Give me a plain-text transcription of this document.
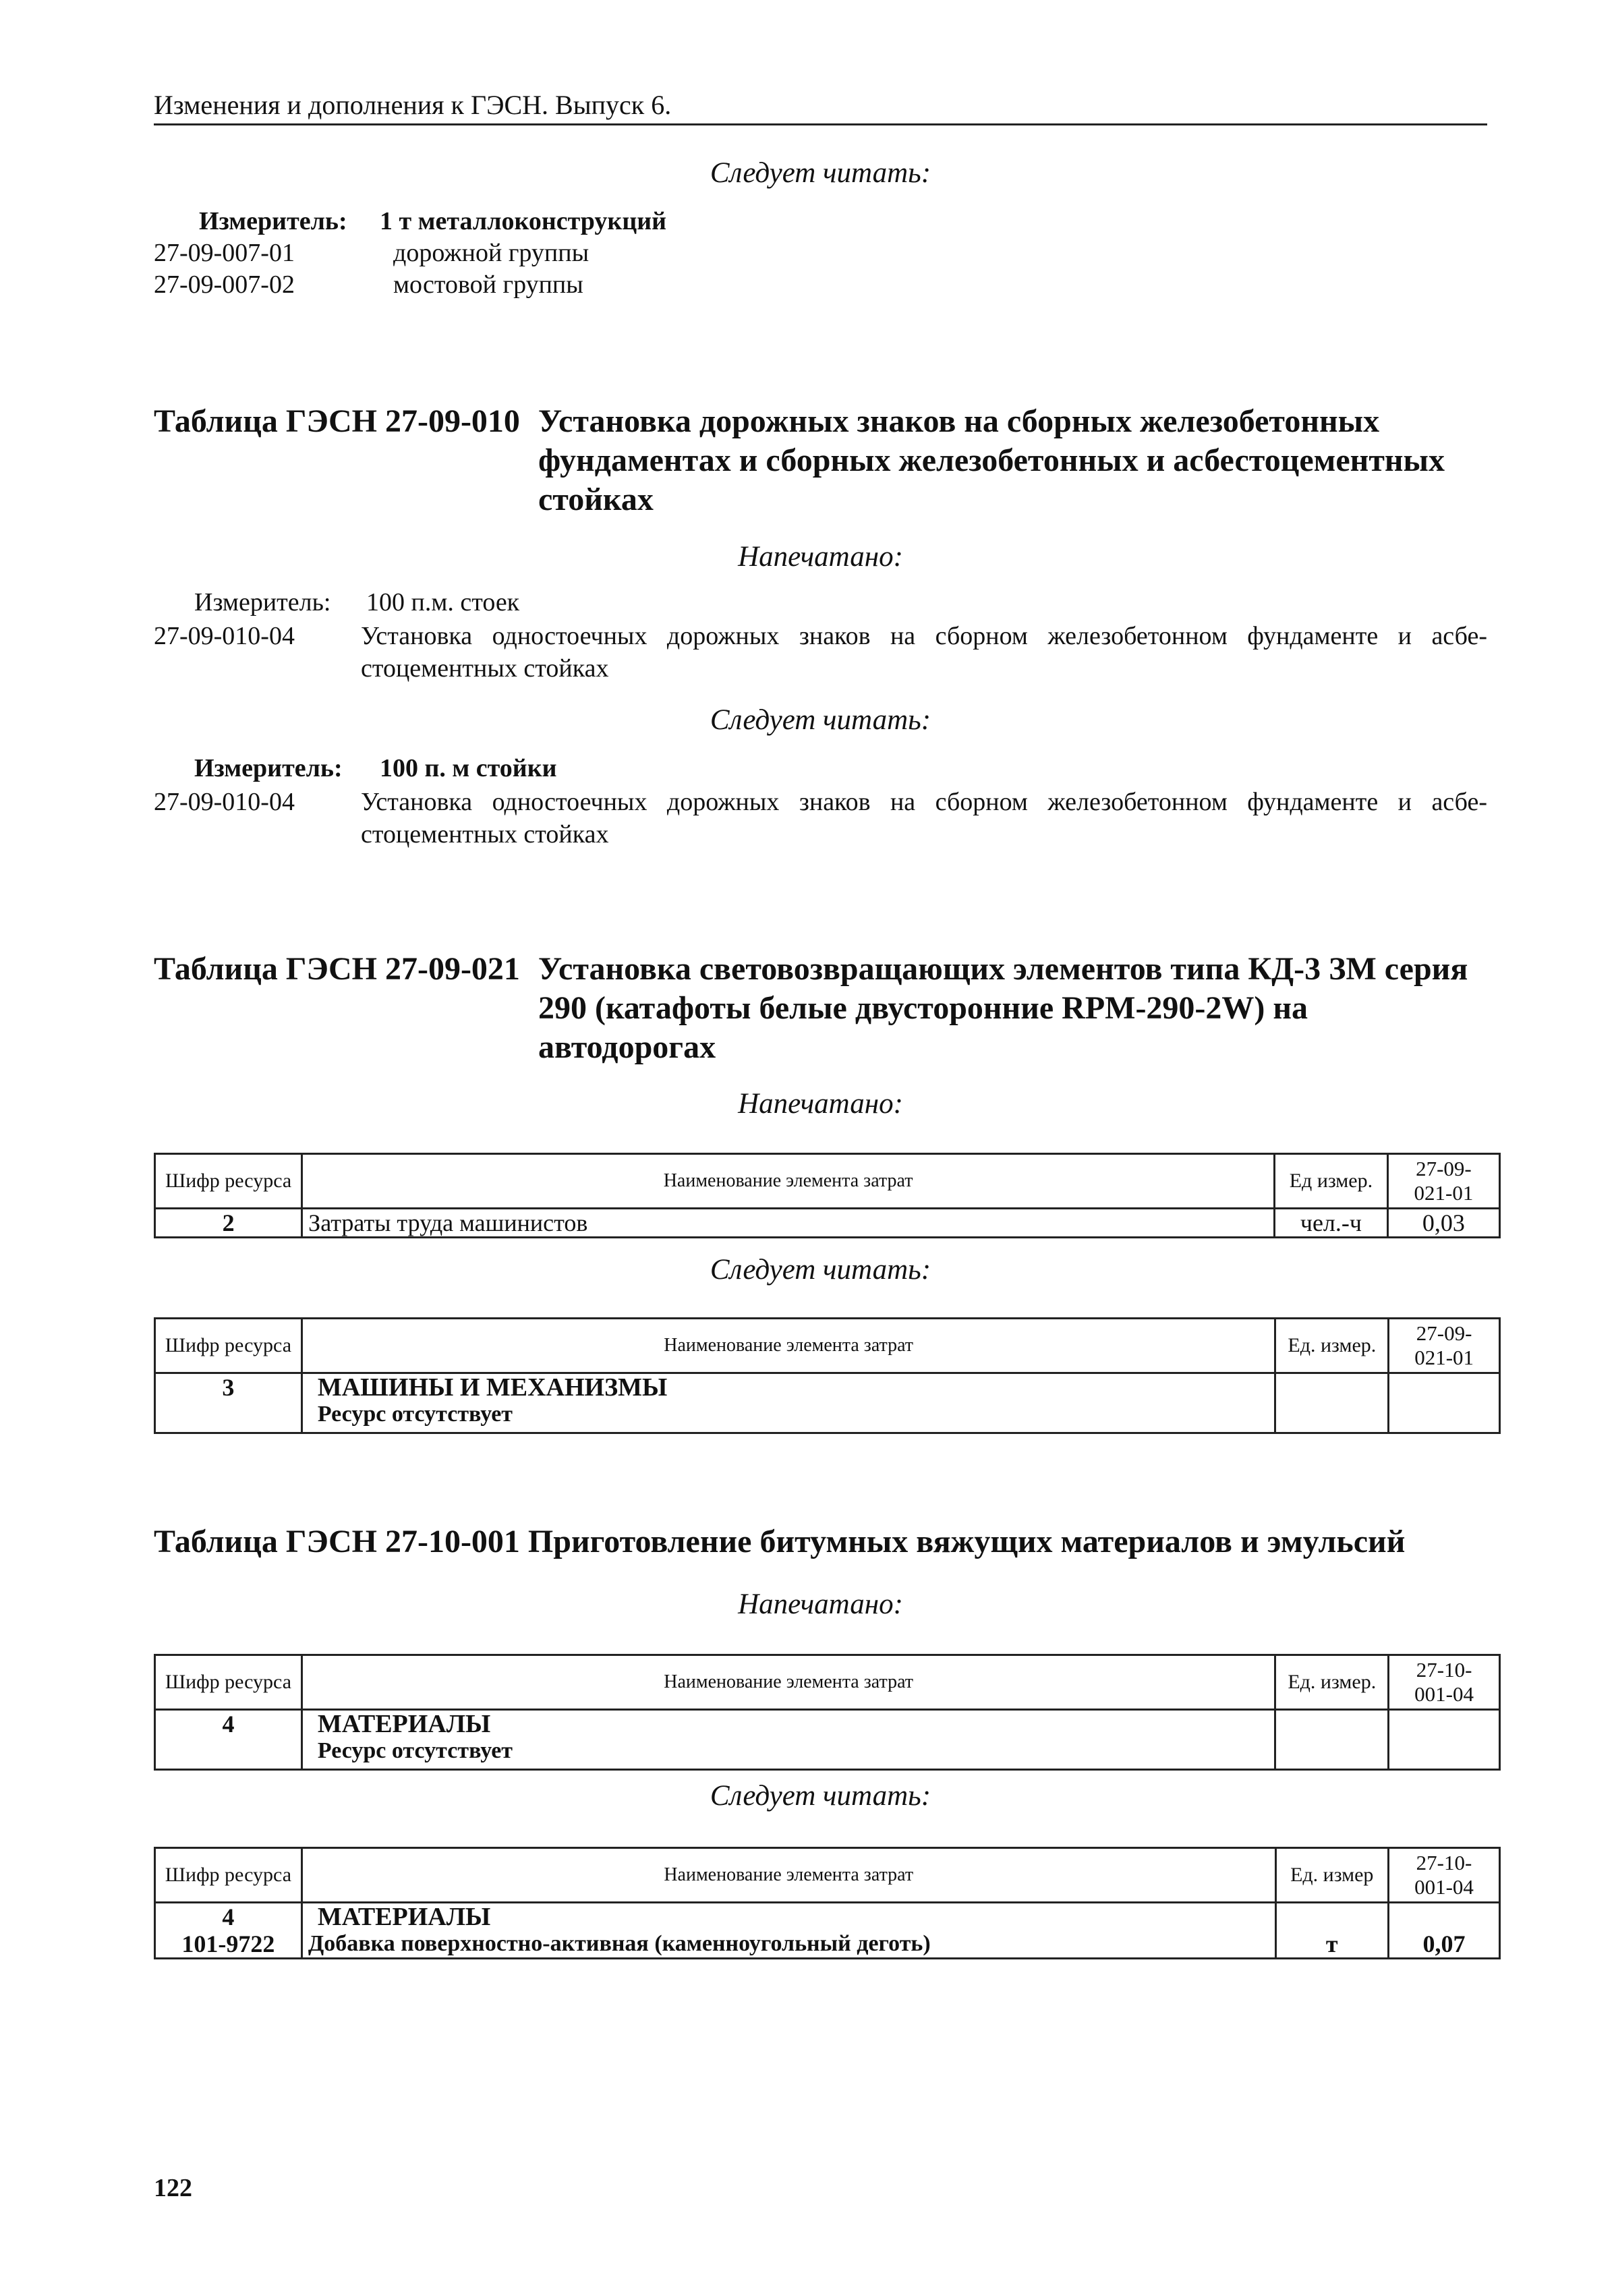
Изменения и дополнения к ГЭСН. Выпуск 6.
Следует читать:
Измеритель: 1 т металлоконструкций
27-09-007-01	дорожной группы
27-09-007-02	мостовой группы
Таблица ГЭСН 27-09-010 Установка дорожных знаков на сборных железобетонных фундаментах и сборных железобетонных и асбестоцементных стойках
Напечатано:
Измеритель: 100 п.м. стоек
27-09-010-04	Установка одностоечных дорожных знаков на сборном железобетонном фундаменте и асбе-
стоцементных стойках
Следует читать:
Измеритель: 100 п. м стойки
27-09-010-04	Установка одностоечных дорожных знаков на сборном железобетонном фундаменте и асбе-
стоцементных стойках
Таблица ГЭСН 27-09-021 Установка световозвращающих элементов типа КД-3 ЗМ серия 290 (катафоты белые двусторонние RPM-290-2W) на автодорогах
Напечатано:
Шифр ресурса	Наименование элемента затрат	Ед измер.	27-09-
021-01

2	Затраты труда машинистов	чел.-ч	0,03
Следует читать:
Шифр ресурса	Наименование элемента затрат	Ед. измер.	27-09-
021-01

3	МАШИНЫ И МЕХАНИЗМЫ
Ресурс отсутствует		

Таблица ГЭСН 27-10-001 Приготовление битумных вяжущих материалов и эмульсий
Напечатано:
Шифр ресурса	Наименование элемента затрат	Ед. измер.	27-10-
001-04

4	МАТЕРИАЛЫ
Ресурс отсутствует		

Следует читать:
Шифр ресурса	Наименование элемента затрат	Ед. измер	27-10-
001-04

4	МАТЕРИАЛЫ		
101-9722	Добавка поверхностно-активная (каменноугольный деготь)	т	0,07
122
